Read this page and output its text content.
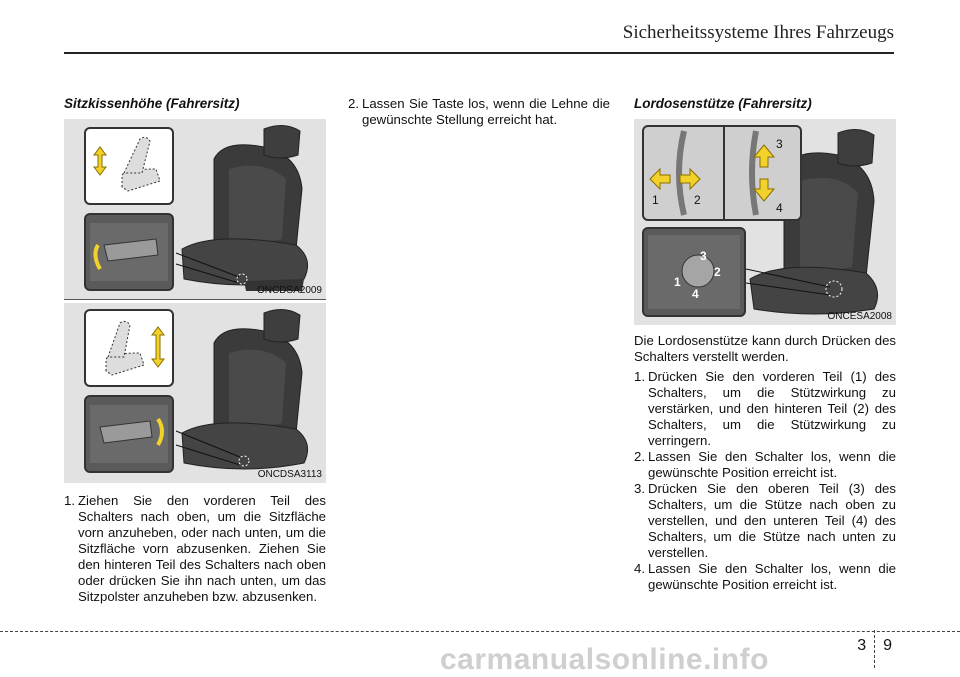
Sicherheitssysteme Ihres Fahrzeugs

Sitzkissenhöhe (Fahrersitz)

ONCDSA2009
ONCDSA3113
1. Ziehen Sie den vorderen Teil des Schalters nach oben, um die Sitzfläche vorn anzuheben, oder nach unten, um die Sitzfläche vorn abzusenken. Ziehen Sie den hinteren Teil des Schalters nach oben oder drücken Sie ihn nach unten, um das Sitzpolster anzuheben bzw. abzusenken.
2. Lassen Sie Taste los, wenn die Lehne die gewünschte Stellung erreicht hat.

Lordosenstütze (Fahrersitz)

1	2
3
4
3
2
1
4
ONCESA2008

Die Lordosenstütze kann durch Drücken des Schalters verstellt werden.

1. Drücken Sie den vorderen Teil (1) des Schalters, um die Stützwirkung zu verstärken, und den hinteren Teil (2) des Schalters, um die Stützwirkung zu verringern.
2. Lassen Sie den Schalter los, wenn die gewünschte Position erreicht ist.
3. Drücken Sie den oberen Teil (3) des Schalters, um die Stütze nach oben zu verstellen, und den unteren Teil (4) des Schalters, um die Stütze nach unten zu verstellen.
4. Lassen Sie den Schalter los, wenn die gewünschte Position erreicht ist.
3	9
carmanualsonline.info
